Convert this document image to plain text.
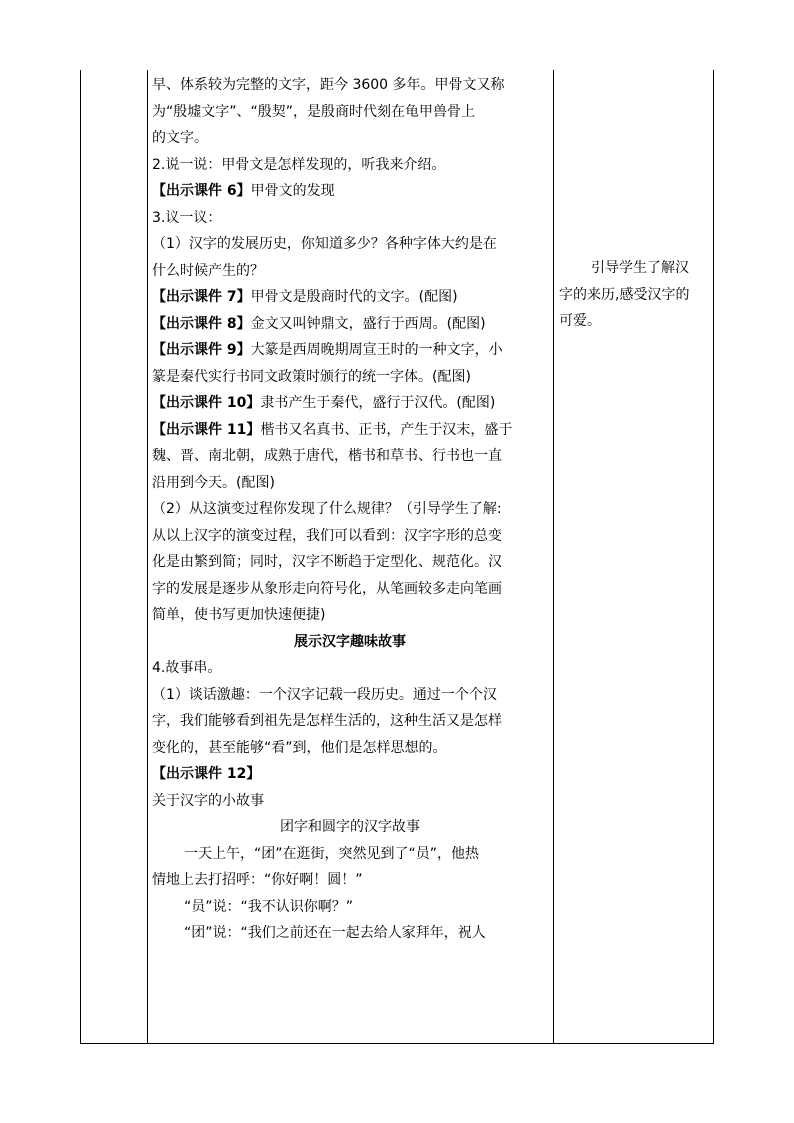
早、体系较为完整的文字，距今 3600 多年。甲骨文又称

为“殷墟文字”、“殷契”，是殷商时代刻在龟甲兽骨上

的文字。

2.说一说：甲骨文是怎样发现的，听我来介绍。

【出示课件 6】甲骨文的发现

3.议一议：

（1）汉字的发展历史，你知道多少？各种字体大约是在

什么时候产生的？

【出示课件 7】甲骨文是殷商时代的文字。(配图)

【出示课件 8】金文又叫钟鼎文，盛行于西周。(配图)

【出示课件 9】大篆是西周晚期周宣王时的一种文字，小

篆是秦代实行书同文政策时颁行的统一字体。(配图)

【出示课件 10】隶书产生于秦代，盛行于汉代。(配图)

【出示课件 11】楷书又名真书、正书，产生于汉末，盛于

魏、晋、南北朝，成熟于唐代，楷书和草书、行书也一直

沿用到今天。(配图)

（2）从这演变过程你发现了什么规律？（引导学生了解:

从以上汉字的演变过程，我们可以看到：汉字字形的总变

化是由繁到简；同时，汉字不断趋于定型化、规范化。汉

字的发展是逐步从象形走向符号化，从笔画较多走向笔画

简单，使书写更加快速便捷)

展示汉字趣味故事

4.故事串。

（1）谈话激趣：一个汉字记载一段历史。通过一个个汉

字，我们能够看到祖先是怎样生活的，这种生活又是怎样

变化的，甚至能够“看”到，他们是怎样思想的。

【出示课件 12】

关于汉字的小故事

团字和圆字的汉字故事

一天上午，“团”在逛街，突然见到了“员”，他热

情地上去打招呼：“你好啊！圆！”

“员”说：“我不认识你啊？”

“团”说：“我们之前还在一起去给人家拜年，祝人

引导学生了解汉
字的来历,感受汉字的
可爱。
